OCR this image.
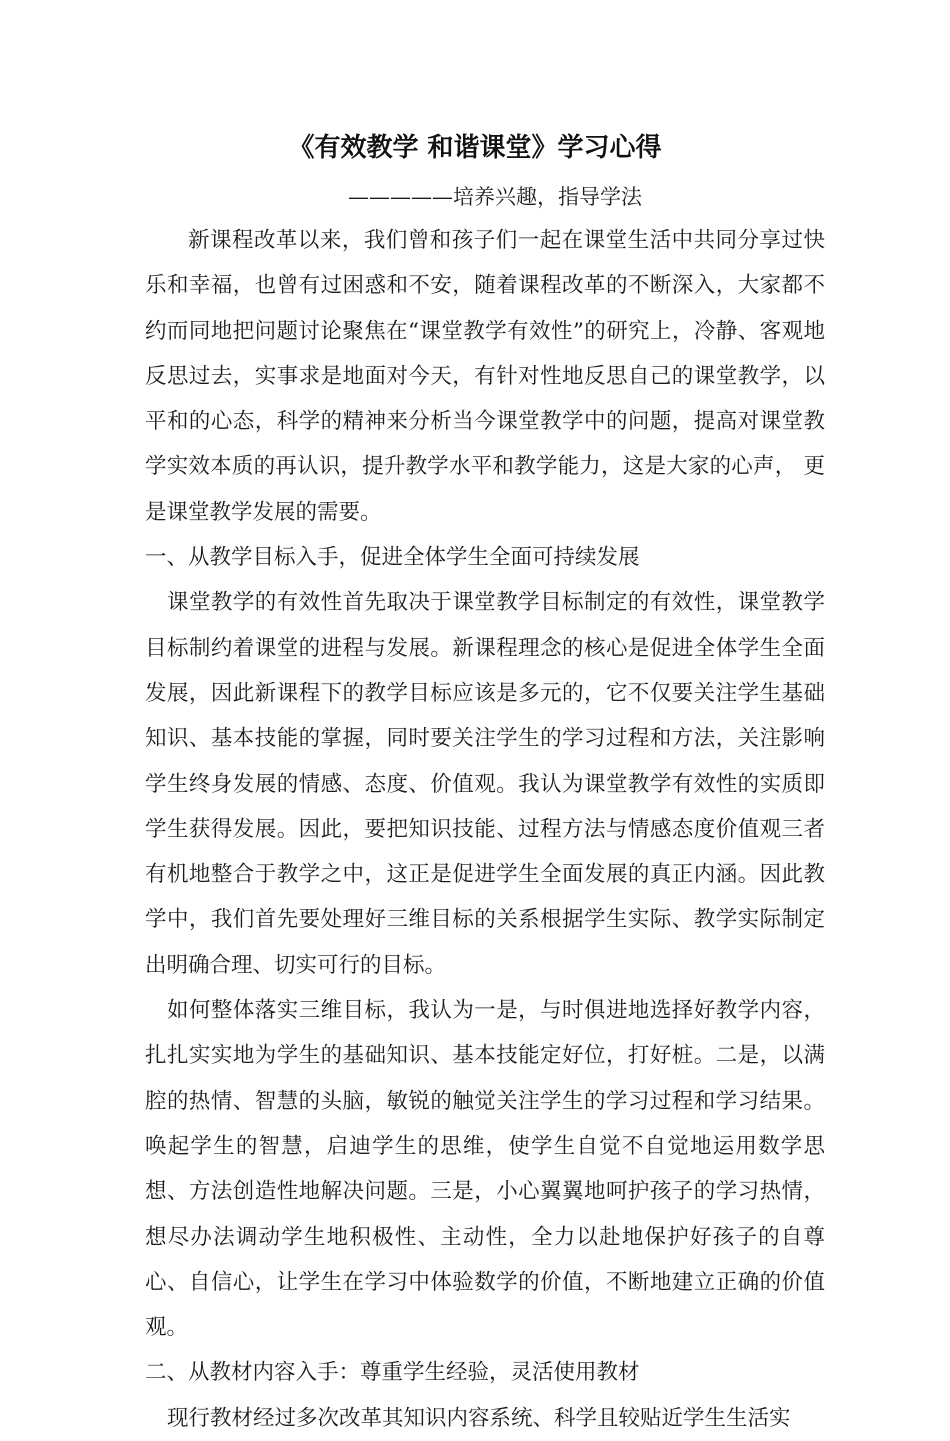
《有效教学 和谐课堂》学习心得
—————培养兴趣，指导学法

新课程改革以来，我们曾和孩子们一起在课堂生活中共同分享过快乐和幸福，也曾有过困惑和不安，随着课程改革的不断深入，大家都不约而同地把问题讨论聚焦在“课堂教学有效性”的研究上，冷静、客观地反思过去，实事求是地面对今天，有针对性地反思自己的课堂教学，以平和的心态，科学的精神来分析当今课堂教学中的问题，提高对课堂教学实效本质的再认识，提升教学水平和教学能力，这是大家的心声， 更是课堂教学发展的需要。

一、从教学目标入手，促进全体学生全面可持续发展

课堂教学的有效性首先取决于课堂教学目标制定的有效性，课堂教学目标制约着课堂的进程与发展。新课程理念的核心是促进全体学生全面发展，因此新课程下的教学目标应该是多元的，它不仅要关注学生基础知识、基本技能的掌握，同时要关注学生的学习过程和方法，关注影响学生终身发展的情感、态度、价值观。我认为课堂教学有效性的实质即学生获得发展。因此，要把知识技能、过程方法与情感态度价值观三者有机地整合于教学之中，这正是促进学生全面发展的真正内涵。因此教学中，我们首先要处理好三维目标的关系根据学生实际、教学实际制定出明确合理、切实可行的目标。

如何整体落实三维目标，我认为一是，与时俱进地选择好教学内容，扎扎实实地为学生的基础知识、基本技能定好位，打好桩。二是，以满腔的热情、智慧的头脑，敏锐的触觉关注学生的学习过程和学习结果。唤起学生的智慧，启迪学生的思维，使学生自觉不自觉地运用数学思想、方法创造性地解决问题。三是，小心翼翼地呵护孩子的学习热情，想尽办法调动学生地积极性、主动性，全力以赴地保护好孩子的自尊心、自信心，让学生在学习中体验数学的价值，不断地建立正确的价值观。

二、从教材内容入手：尊重学生经验，灵活使用教材

现行教材经过多次改革其知识内容系统、科学且较贴近学生生活实
